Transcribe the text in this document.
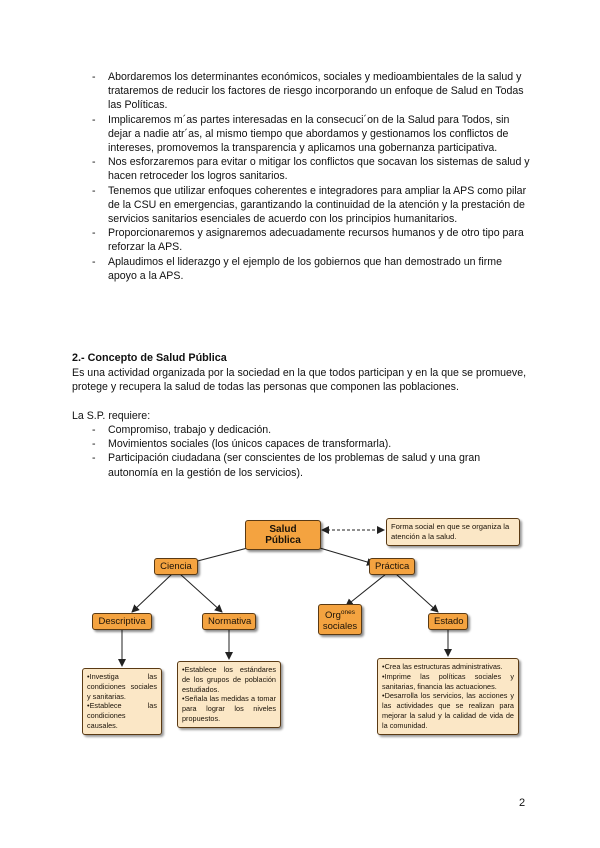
-	Abordaremos los determinantes económicos, sociales y medioambientales de la salud y trataremos de reducir los factores de riesgo incorporando un enfoque de Salud en Todas las Políticas.
-	Implicaremos m´as partes interesadas en la consecuci´on de la Salud para Todos, sin dejar a nadie atr´as, al mismo tiempo que abordamos y gestionamos los conflictos de intereses, promovemos la transparencia y aplicamos una gobernanza participativa.
-	Nos esforzaremos para evitar o mitigar los conflictos que socavan los sistemas de salud y hacen retroceder los logros sanitarios.
-	Tenemos que utilizar enfoques coherentes e integradores para ampliar la APS como pilar de la CSU en emergencias, garantizando la continuidad de la atención y la prestación de servicios sanitarios esenciales de acuerdo con los principios humanitarios.
-	Proporcionaremos y asignaremos adecuadamente recursos humanos y de otro tipo para reforzar la APS.
-	Aplaudimos el liderazgo y el ejemplo de los gobiernos que han demostrado un firme apoyo a la APS.
2.- Concepto de Salud Pública
Es una actividad organizada por la sociedad en la que todos participan y en la que se promueve, protege y recupera la salud de todas las personas que componen las poblaciones.
La S.P. requiere:
-	Compromiso, trabajo y dedicación.
-	Movimientos sociales (los únicos capaces de transformarla).
-	Participación ciudadana (ser conscientes de los problemas de salud y una gran autonomía en la gestión de los servicios).
Salud Pública
Forma social en que se organiza la atención a la salud.
Ciencia	Práctica
Descriptiva	Normativa
Org$^{ones}$
sociales	Estado
• Investiga las condiciones sociales y sanitarias.
• Establece las condiciones causales.
• Establece los estándares de los grupos de población estudiados.
• Señala las medidas a tomar para lograr los niveles propuestos.
• Crea las estructuras administrativas.
• Imprime las políticas sociales y sanitarias, financia las actuaciones.
• Desarrolla los servicios, las acciones y las actividades que se realizan para mejorar la salud y la calidad de vida de la comunidad.
2
